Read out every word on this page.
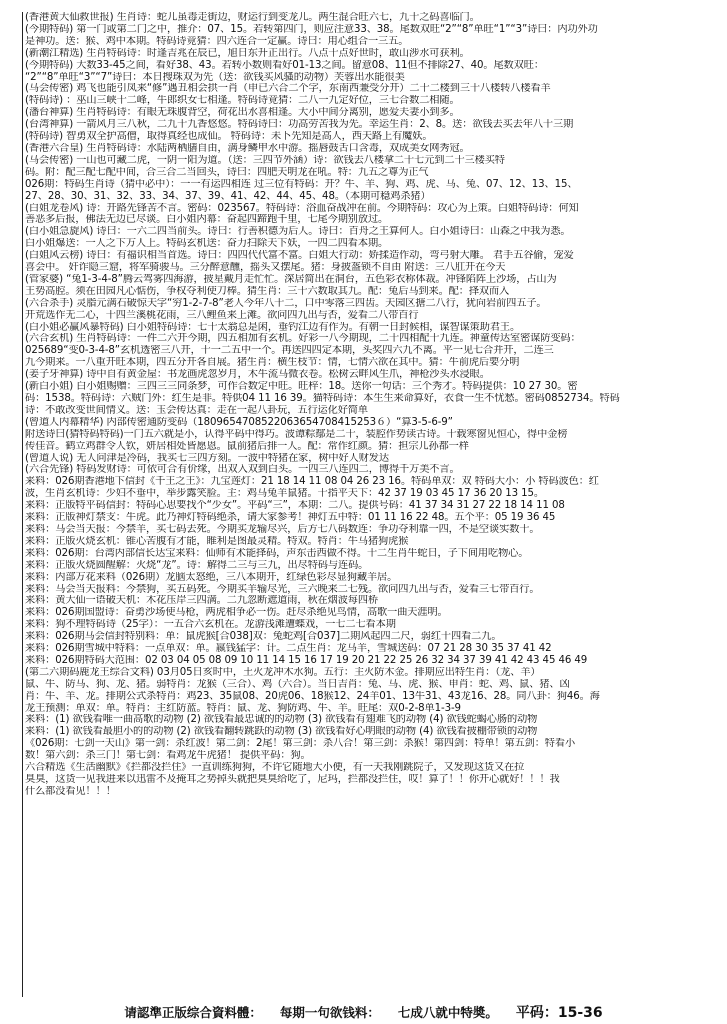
(香港黄大仙救世报) 生肖诗：蛇儿虽毒走街边，财运行到变龙儿。两生混合旺六七，九十之码喜临门。
(今期特码) 第一门或第二门之中，推介：07、15。若转第四门，则应注意33、38。尾数双旺“2”“8”单旺“1”“3”诗曰：内功外功
是神功。送：猴、鸡中本期。特码诗竟猜：四六连合一定赢。诗曰：用心组合一三五。
(新潮江精选) 生肖特码诗：时逢吉兆在辰已，旭日东升正出行。八点十点好世时，敢山涉水可获利。
(今期特码) 大数33-45之间，看好38、43。若转小数则看好01-13之间。留意08、11但不排除27、40。尾数双旺：
“2”“8”单旺“3”“7”诗曰：本日搜珠双为先（送：欲钱买风骚的动物）芙蓉出水能很美
(马会传密) 鸡飞也能引凤来“修”遇丑相会拱一肖（申已六合二个字，东南西兼受分开）二十二楼到三十八楼转八楼看羊
(特码诗) ：巫山三峡十二峰，牛郎织女七相逢。特码诗竟猜：二八一九定好位，三七合数二相随。
(潘台神算) 生肖特码诗：有眼无珠腹背空，荷花出水喜相逢。大小中间分离别，愿爱夫妻小到多。
(台湾神算) 一箭风月三八秋，二九十九香悠悠。特码诗曰：功高劳苦我为先。幸运生肖：2、8。送：欲钱去买去年八十三期
(特码诗) 智勇双全护高僧，取得真经也成仙。 特码诗：未卜先知是高人，西天路上有魔妖。
(香港六合皇) 生肖特码诗：水陆两栖膳自由，满身鳞甲水中游。摇唇鼓舌口含毒，双成美女网秀冠。
(马会传密) 一山也可藏二虎，一阴一阳为道。（送：三四节外涵）诗：欲钱去八楼拿二十七元到二十三楼买特
码。附：配三配七配中间，合三合二当回头，诗曰：四肥天明龙在吼。特：九五之尊为正气
026期：特码生肖诗（猜中必中）：一一有运四相连 过三位有特码：开？牛、羊、狗、鸡、虎、马、兔、07、12、13、15、
27、28、30、31、32、33、34、37、39、41、42、44、45、48。（本期可稳鸡杀猪）
(白姐龙卷风) 诗：开路先锋苦不言。密码：023567。特码诗：浴血奋战冲在前。今期特码：攻心为上策。白姐特码诗：何知
善恶多后报，佛法无边已尽谈。白小姐内幕：奋起四蹄跑千里，七尾今期别放过。
(白小姐急旋风) 诗曰：一六二四当前头。诗曰：行善积德为后人。诗曰：百舟之王算何人。白小姐诗曰：山森之中我为悉。
白小姐爆送：一人之下万人上。特码玄机送：奋力扫除天下妖，一四二四看本期。
(白姐风云榜) 诗曰：有福识相当首选。诗曰：四四代代富不富。白姐大行动：娇揉造作动，弯弓射大雕。 君手五谷偷，宠爱
喜会中。 奸诈隐三窟，将军骑骏马。三分醉意醺，摇头又摆尾。猪：身披盔锁不自由 附送：三八肛开在今天
(管家婆) “兔1-3-4-8”腾云驾雾四海游，披星戴月走忙忙。深居简出在洞台，五色彩衣称体裁。冲锋陷阵上沙场，占山为
王势高腔。须在田园凡心惦伤，争权夺利使刀棒。猜生肖：三十六数取其九。配：兔后马到来。配：择双而入
(六合杀手) 灵脂元满石破惊天字“穷1-2-7-8”老人今年八十二，口中零落三四齿。天园区搪二八行，犹向岩前四五子。
开荒选作无二心，十四兰溪桃花雨，三八鲤鱼来上滩。欲问四九出与否，爱看二八带百行
(白小姐必赢风暴特码) 白小姐特码诗：七十太翁总是闲，垂钓江边有作为。有朝一日封候相，谋智谋策助君王。
(六合玄机) 生肖特码诗：一件二六开今期，四五相加有玄机。好彩一八今期现，二十四相配十九连。神童传达室密谋防变码：
025689“变0-3-4-8”玄机透密三八开，十一二五中一个。再送四四定本期，头奖四六九不离。平一见七合并开，二连三
九今期来。一八重开旺本期，四五分开各自展。猪生肖：横生枝节：情，七情六欲在其中。猜：牛前虎后要分明
(姜子牙神算) 诗中自有黄金屋：书龙画虎忽岁月，木牛流马微衣卷。松树云畔风生爪，神枪沙头水浸眼。
(新白小姐) 白小姐赐赠：三四三三同条梦，可作合数定中旺。旺梓：18。送你一句话：三个秀才。特码提供：10 27 30。密
码：1538。特码诗：六贼门外：红生是非。特供04 11 16 39。猫特码诗：本生生来命算好，衣食一生不忧愁。密码0852734。特码
诗：不敢改变世间情义。送：玉会传达真：走在一起八卦玩，五行运化好简单
(曾道人内幕精华) 内部传密通防变码（1809654708522063654708415253６）“算3-5-6-9”
附送诗曰(猜特码特码)一门五六就是小，认得平码中得巧。波谭粽鄢是二十，装腔作势读古诗。十载寒窗见恒心，得中金榜
传佳音。鹤立鸡群令人钦，妍居相处皆愿恩。鼠前猪后排一人。配：常作红颜。猜：担宗儿孙都一样
(曾道人说) 无人问津是冷码，我买七三四方刻。一波中特猪在家，树中好人财发达
(六合先锋) 特码发财诗：可依可合有价缘，出双入双到白头。一四三八连四二，博得千万美不言。
来料：026期香港地下信封《千王之王》：九宝莲灯：21 18 14 11 08 04 26 23 16。特码单双：双 特码大小：小 特码波色：红
波，生肖玄机诗：少妇不垂中，举步露笑脸。主：鸡马兔羊鼠猪。十指平天下：42 37 19 03 45 17 36 20 13 15。
来料：正版特平码信封：特码心思要找个“少女”。平码“三”，本期：二八。提供号码：41 37 34 31 27 22 18 14 11 08
来料：正版神灯禁支：牛虎。此乃神灯特码绝杀，请大家参考！神灯五中特：01 11 16 22 48。五个平：05 19 36 45
来料：马会当天报：今禁羊，买七码去死。今期买龙输尽兴，后方七八码数连：争功夺利靠一四，不是空谈实数十。
来料：正版火烧玄机：锥心苦腹有才能，睢利是图最灵精。特双。特肖：牛马猪狗虎猴
来料：026期：台湾内部信长达宝来料：仙师有术能择码，声东击西做不得。十二生肖牛蛇日，子下间用吃物心。
来料：正版火烧圆醒解：火烧“龙”。诗：解得二三与三九，出尽特码与连码。
来料：内部万花来料（026期）龙脑太怒绝，三八本期开，红绿色彩尽显狗藏羊居。
来料：马会当天报料：今禁狗，买五码死。今期买羊输尽光，三六晚来二七残。欲问四九出与否，爱看三七带百行。
来料：黄大仙一语破天机：木花压岸三四满。二九忽断遮道雨，秋在烟波每四桥
来料：026期国盟诗：奋勇沙场使马枪，两虎相争必一伤。赶尽杀绝见鸟情，高歌一曲天涯明。
来料：狗不理特码诗（25字）：一五合六玄机在。龙游浅滩遭蝶戏，一七二七看本期
来料：026期马会信封特别料：单：鼠虎猴[合038]双：兔蛇鸡[合037]二期风起四二尺，弱红十四看二九。
来料：026期雪城中特料：一点单双：单。嬴钱猛字：计。二点生肖：龙马羊，雪城送码：07 21 28 30 35 37 41 42
来料：026期特码大范围：02 03 04 05 08 09 10 11 14 15 16 17 19 20 21 22 25 26 32 34 37 39 41 42 43 45 46 49
(第二六期码鹿龙王综合文料) 03月05日亥时中，土火龙冲木水狗。五行：主火防木金。排期应出特生肖：（龙、羊）
鼠、牛、防马、狗、龙、猪。弱特肖：龙猴（三合）、鸡（六合）。当日吉肖：兔、马、虎、猴、申肖：蛇、鸡、鼠、猪、凶
肖：牛、羊、龙。排期公式杀特肖：鸡23、35鼠08、20虎06、18猴12、24羊01、13牛31、43龙16、28。同八卦：狗46。海
龙王预测：单双：单。特肖：主红防蓝。特肖：鼠、龙、狗防鸡、牛、羊。旺尾：双0-2-8单1-3-9
来料：(1) 欲钱看唯一曲高歌的动物 (2) 欲钱看最忠诚的的动物 (3) 欲钱看有翅难飞的动物 (4) 欲钱蛇蝎心肠的动物
来料：(1) 欲钱看最胆小的的动物 (2) 欲钱看翻转跳跃的动物 (3) 欲钱看好心明眼的动物 (4) 欲钱看披棚带锁的动物
《026期：七剑一天山》第一剑：杀红波！第二剑：2尾！第三剑：杀八合！第三剑：杀猴！第四剑：特单！第五剑：特看小
数！第六剑：杀三门！第七剑：看鸡龙牛虎猪！ 提供平码：狗。
六合精选《生活幽默》《拦都没拦住》一直训练狗狗，不许它随地大小便，有一天我刚跳院子，又发现这货又在拉
臭臭，这货一见我进来以迅雷不及掩耳之势掉头就把臭臭给吃了，尼玛，拦都没拦住，哎！算了！！你开心就好！！！我
什么都没看见！！！
请認準正版综合資料體： 每期一句欲钱料： 七成八就中特奬。 平码：15-36
